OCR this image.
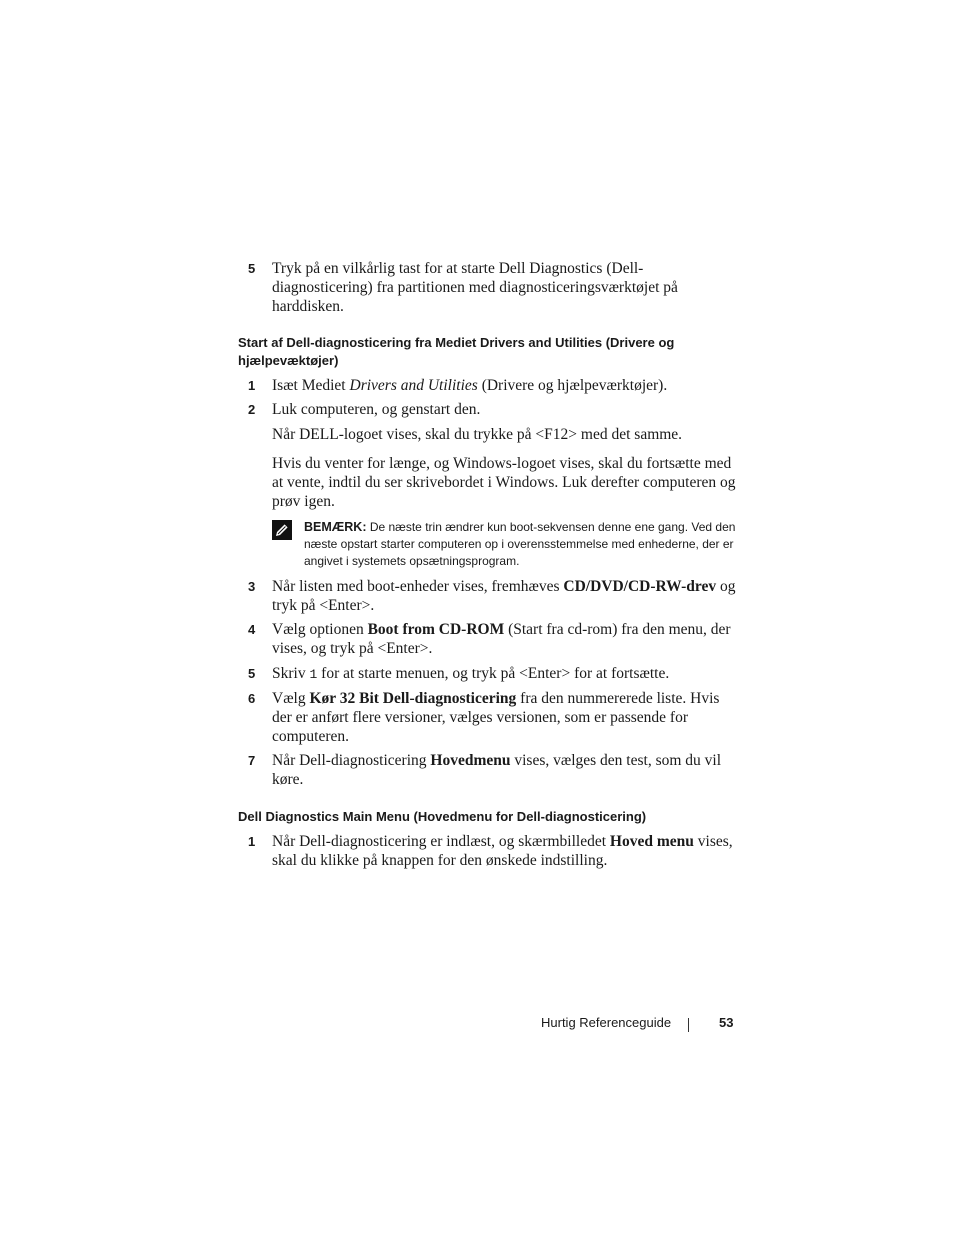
5 Tryk på en vilkårlig tast for at starte Dell Diagnostics (Dell-diagnosticering) fra partitionen med diagnosticeringsværktøjet på harddisken.
Start af Dell-diagnosticering fra Mediet Drivers and Utilities (Drivere og hjælpevæktøjer)
1 Isæt Mediet Drivers and Utilities (Drivere og hjælpeværktøjer).
2 Luk computeren, og genstart den.
Når DELL-logoet vises, skal du trykke på <F12> med det samme.
Hvis du venter for længe, og Windows-logoet vises, skal du fortsætte med at vente, indtil du ser skrivebordet i Windows. Luk derefter computeren og prøv igen.
BEMÆRK: De næste trin ændrer kun boot-sekvensen denne ene gang. Ved den næste opstart starter computeren op i overensstemmelse med enhederne, der er angivet i systemets opsætningsprogram.
3 Når listen med boot-enheder vises, fremhæves CD/DVD/CD-RW-drev og tryk på <Enter>.
4 Vælg optionen Boot from CD-ROM (Start fra cd-rom) fra den menu, der vises, og tryk på <Enter>.
5 Skriv 1 for at starte menuen, og tryk på <Enter> for at fortsætte.
6 Vælg Kør 32 Bit Dell-diagnosticering fra den nummererede liste. Hvis der er anført flere versioner, vælges versionen, som er passende for computeren.
7 Når Dell-diagnosticering Hovedmenu vises, vælges den test, som du vil køre.
Dell Diagnostics Main Menu (Hovedmenu for Dell-diagnosticering)
1 Når Dell-diagnosticering er indlæst, og skærmbilledet Hoved menu vises, skal du klikke på knappen for den ønskede indstilling.
Hurtig Referenceguide	53
